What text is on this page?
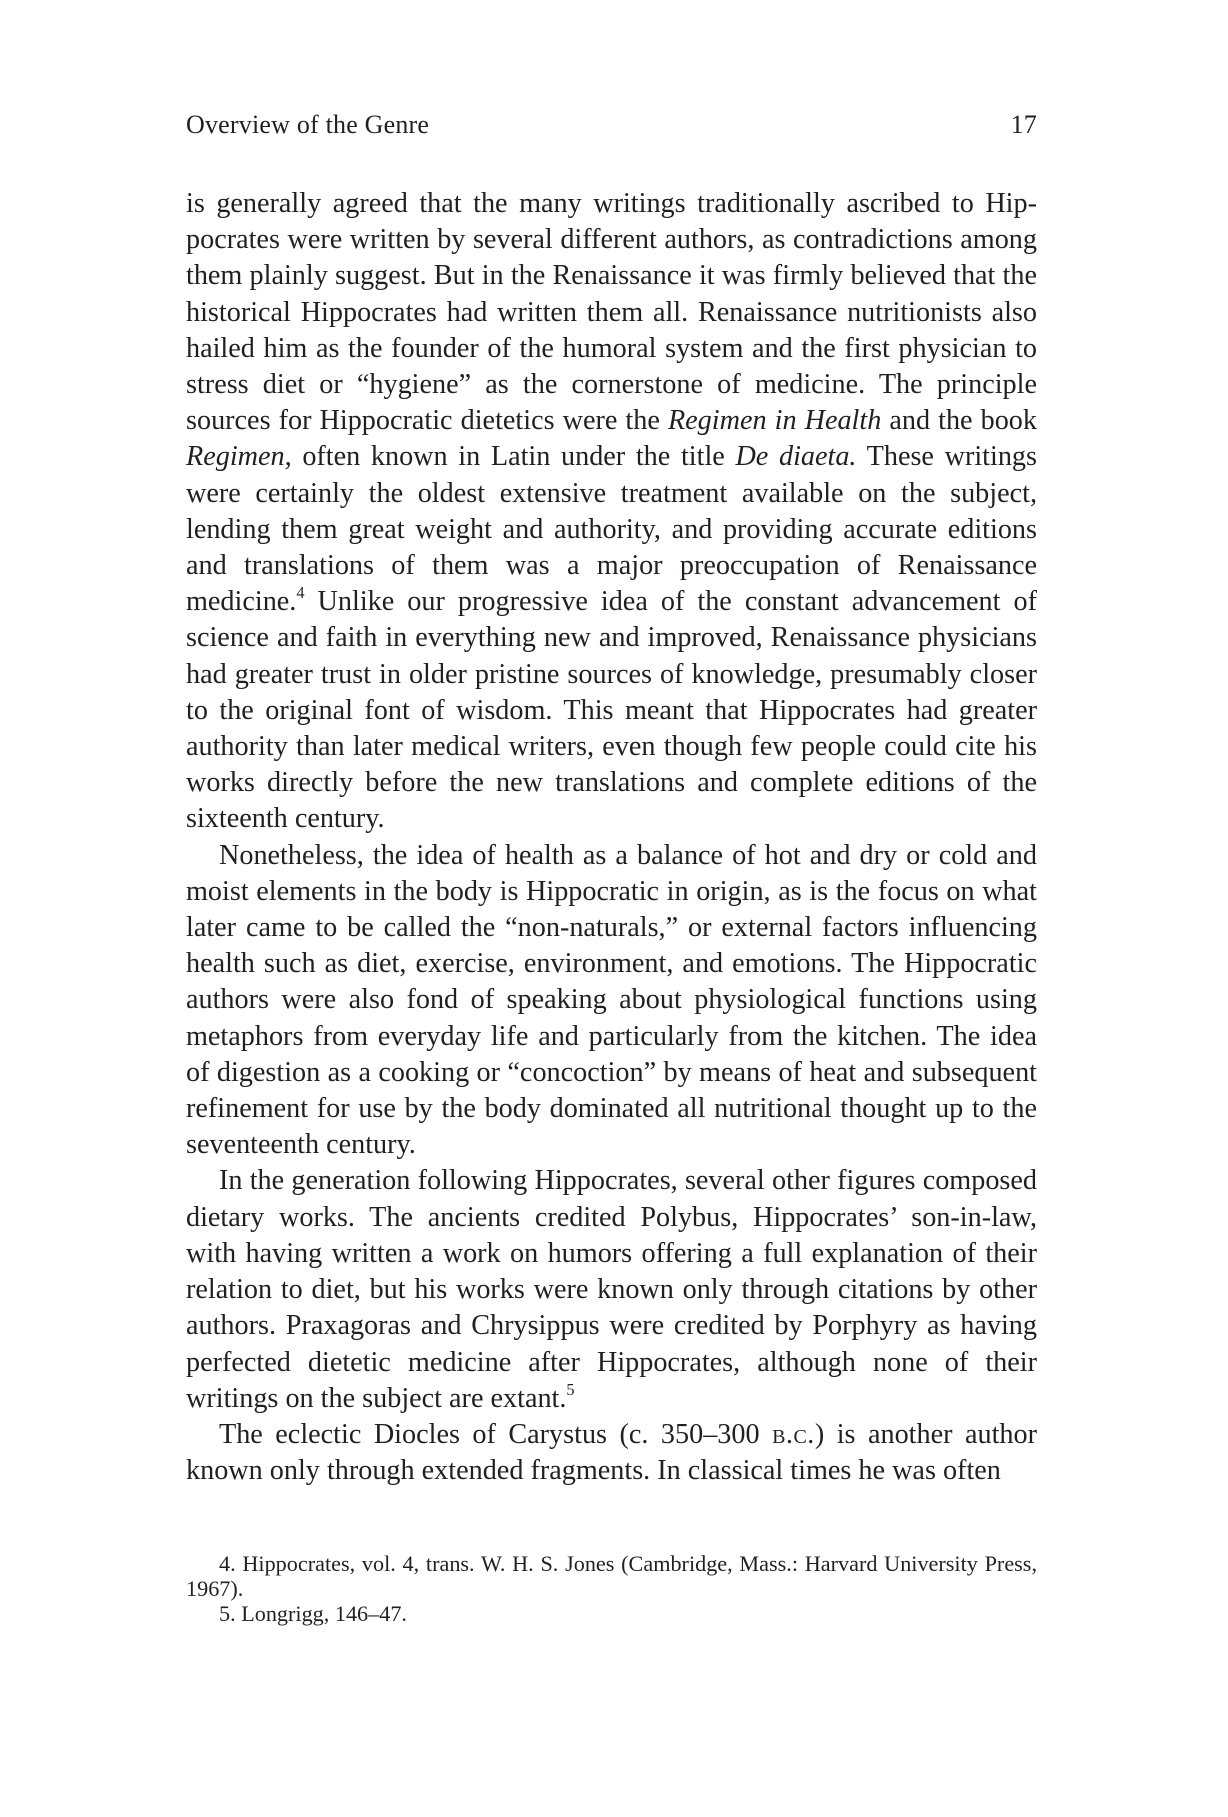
Overview of the Genre	17

is generally agreed that the many writings traditionally ascribed to Hippocrates were written by several different authors, as contradictions among them plainly suggest. But in the Renaissance it was firmly believed that the historical Hippocrates had written them all. Renaissance nutritionists also hailed him as the founder of the humoral system and the first physician to stress diet or “hygiene” as the cornerstone of medicine. The principle sources for Hippocratic dietetics were the Regimen in Health and the book Regimen, often known in Latin under the title De diaeta. These writings were certainly the oldest extensive treatment available on the subject, lending them great weight and authority, and providing accurate editions and translations of them was a major preoccupation of Renaissance medicine.$^4$ Unlike our progressive idea of the constant advancement of science and faith in everything new and improved, Renaissance physicians had greater trust in older pristine sources of knowledge, presumably closer to the original font of wisdom. This meant that Hippocrates had greater authority than later medical writers, even though few people could cite his works directly before the new translations and complete editions of the sixteenth century.

Nonetheless, the idea of health as a balance of hot and dry or cold and moist elements in the body is Hippocratic in origin, as is the focus on what later came to be called the “non-naturals,” or external factors influencing health such as diet, exercise, environment, and emotions. The Hippocratic authors were also fond of speaking about physiological functions using metaphors from everyday life and particularly from the kitchen. The idea of digestion as a cooking or “concoction” by means of heat and subsequent refinement for use by the body dominated all nutritional thought up to the seventeenth century.

In the generation following Hippocrates, several other figures composed dietary works. The ancients credited Polybus, Hippocrates’ son-in-law, with having written a work on humors offering a full explanation of their relation to diet, but his works were known only through citations by other authors. Praxagoras and Chrysippus were credited by Porphyry as having perfected dietetic medicine after Hippocrates, although none of their writings on the subject are extant.$^5$

The eclectic Diocles of Carystus (c. 350–300 b.c.) is another author known only through extended fragments. In classical times he was often

4. Hippocrates, vol. 4, trans. W. H. S. Jones (Cambridge, Mass.: Harvard University Press, 1967).

5. Longrigg, 146–47.
